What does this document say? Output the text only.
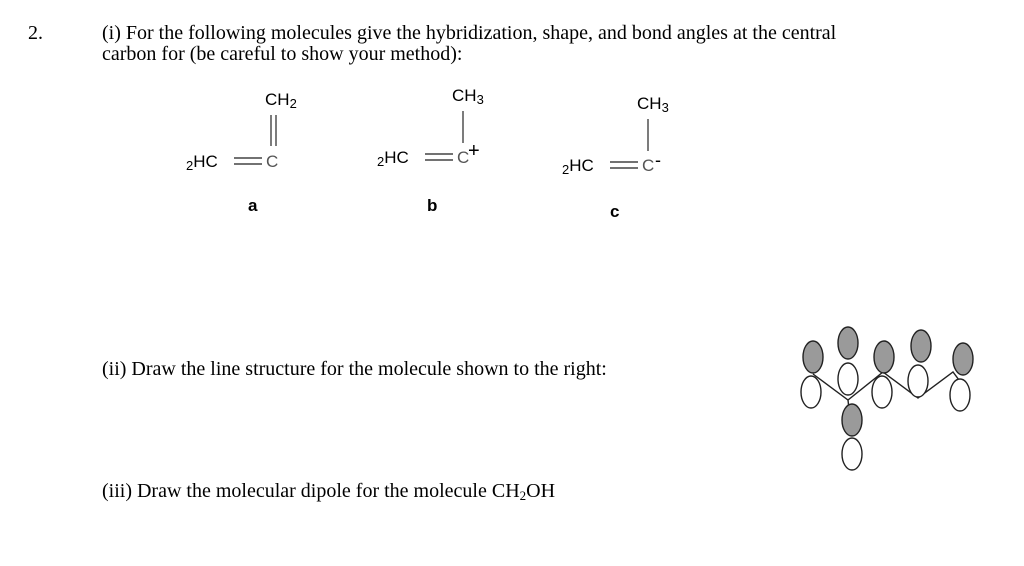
2.	(i) For the following molecules give the hybridization, shape, and bond angles at the central
carbon for (be careful to show your method):
$CH_2$
$_2$HC	C
a
$CH_3$
$_2$HC	C
+
b
$CH_3$
$_2$HC	C -
c
(ii) Draw the line structure for the molecule shown to the right:
(iii) Draw the molecular dipole for the molecule $CH_2OH$
